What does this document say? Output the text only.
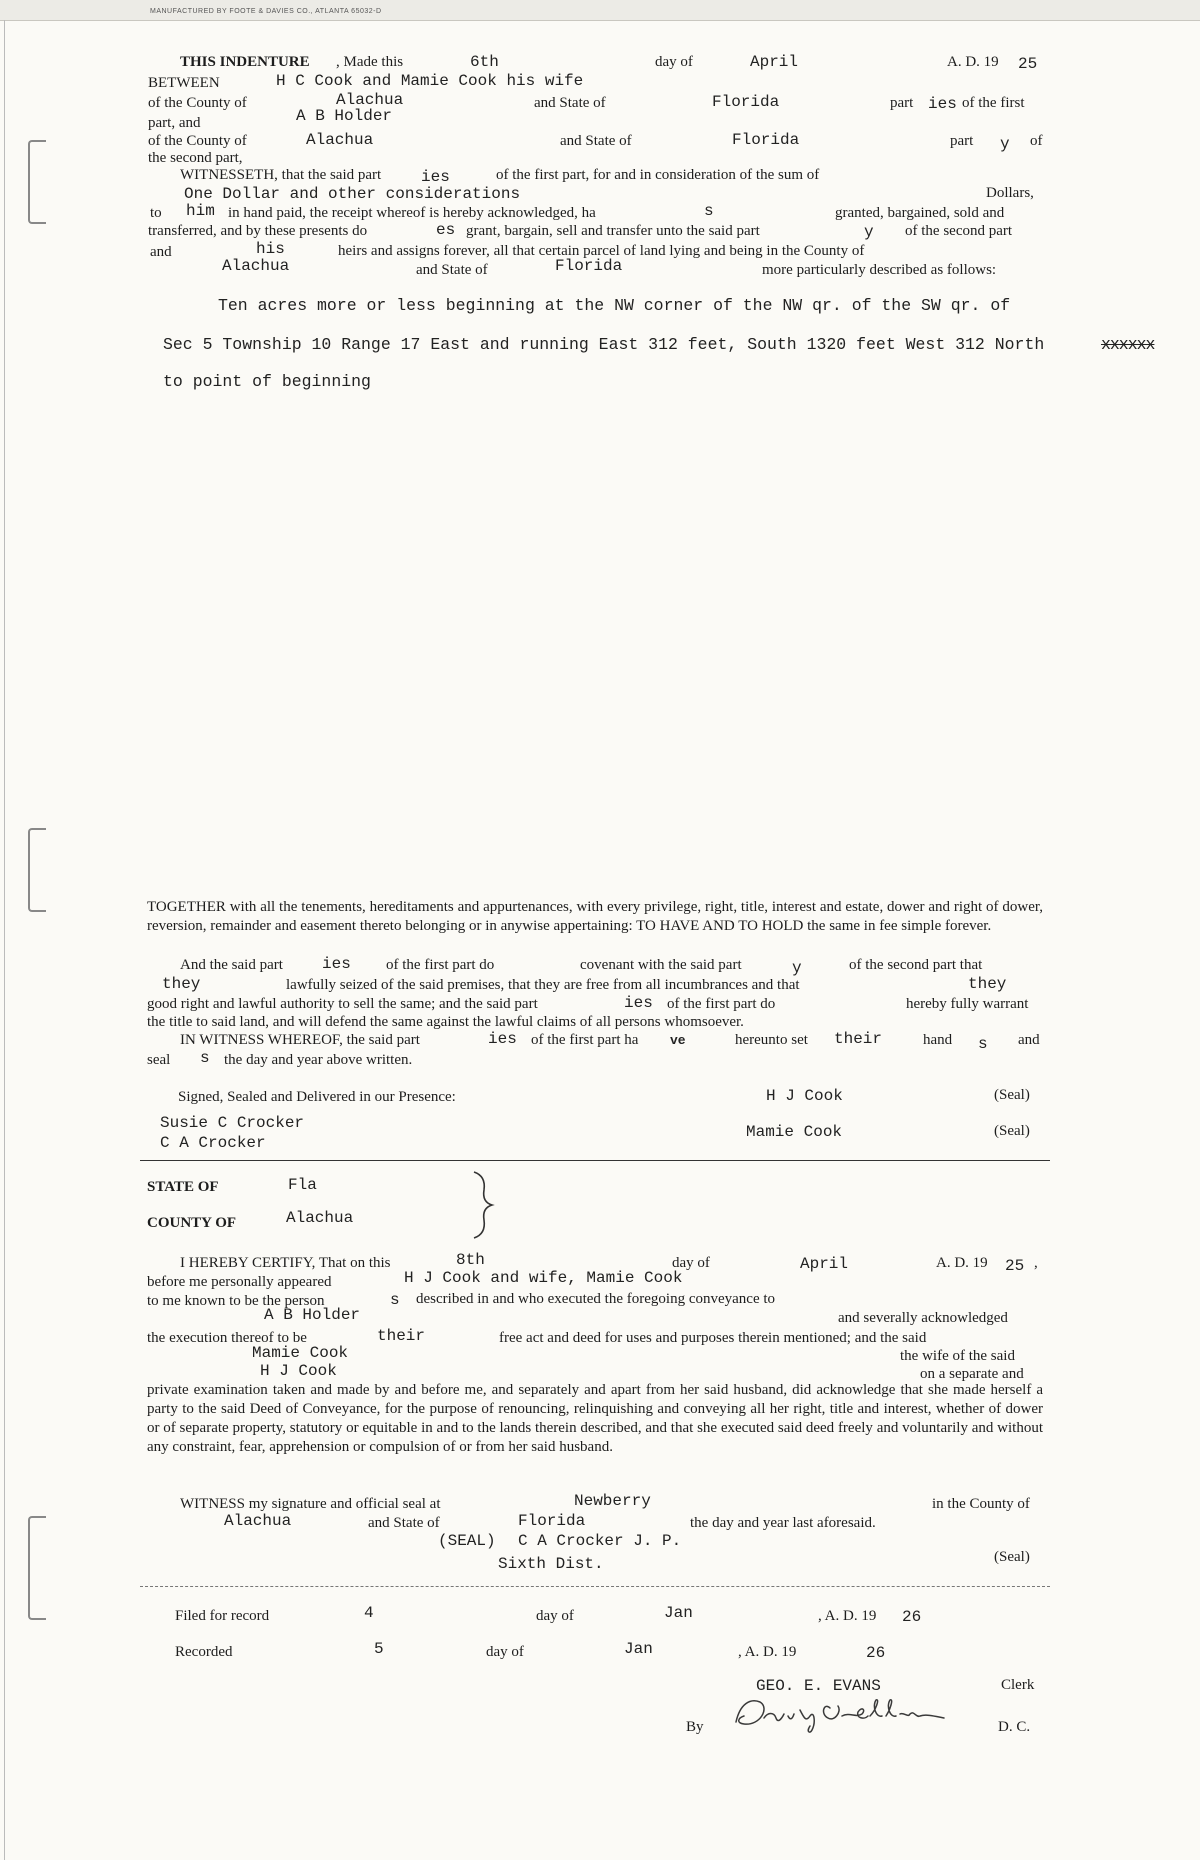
MANUFACTURED BY FOOTE & DAVIES CO., ATLANTA 65032-D
THIS INDENTURE , Made this	6th	day of	April	A. D. 19 25
BETWEEN	H C Cook and Mamie Cook his wife
of the County of	Alachua	and State of	Florida	part ies of the first
part, and	A B Holder
of the County of	Alachua	and State of	Florida	part y of
the second part,
WITNESSETH, that the said part ies	of the first part, for and in consideration of the sum of
One Dollar and other considerations	Dollars,
to him in hand paid, the receipt whereof is hereby acknowledged, ha	s	granted, bargained, sold and
transferred, and by these presents do	es grant, bargain, sell and transfer unto the said part	y of the second part
and	his	heirs and assigns forever, all that certain parcel of land lying and being in the County of
Alachua	and State of	Florida	more particularly described as follows:
Ten acres more or less beginning at the NW corner of the NW qr. of the SW qr. of
Sec 5 Township 10 Range 17 East and running East 312 feet, South 1320 feet West 312 North	xxxxxx
to point of beginning
TOGETHER with all the tenements, hereditaments and appurtenances, with every privilege, right, title, interest and estate, dower and right of dower, reversion, remainder and easement thereto belonging or in anywise appertaining: TO HAVE AND TO HOLD the same in fee simple forever.
And the said part ies of the first part do	covenant with the said part	y	of the second part that
they	lawfully seized of the said premises, that they are free from all incumbrances and that	they
good right and lawful authority to sell the same; and the said part	ies of the first part do	hereby fully warrant
the title to said land, and will defend the same against the lawful claims of all persons whomsoever.
IN WITNESS WHEREOF, the said part	ies of the first part ha ve	hereunto set their	hand s and
seal s the day and year above written.
Signed, Sealed and Delivered in our Presence:	H J Cook	(Seal)
Susie C Crocker	Mamie Cook	(Seal)
C A Crocker
STATE OF	Fla
COUNTY OF	Alachua
I HEREBY CERTIFY, That on this	8th	day of	April	A. D. 19 25 ,
before me personally appeared	H J Cook and wife, Mamie Cook
to me known to be the person	s described in and who executed the foregoing conveyance to
A B Holder	and severally acknowledged
the execution thereof to be	their	free act and deed for uses and purposes therein mentioned; and the said
Mamie Cook	the wife of the said
H J Cook	on a separate and
private examination taken and made by and before me, and separately and apart from her said husband, did acknowledge that she made herself a party to the said Deed of Conveyance, for the purpose of renouncing, relinquishing and conveying all her right, title and interest, whether of dower or of separate property, statutory or equitable in and to the lands therein described, and that she executed said deed freely and voluntarily and without any constraint, fear, apprehension or compulsion of or from her said husband.
WITNESS my signature and official seal at	Newberry	in the County of
Alachua	and State of	Florida	the day and year last aforesaid.
(SEAL) C A Crocker J. P.
Sixth Dist.	(Seal)
Filed for record	4	day of	Jan	, A. D. 19 26
Recorded	5	day of	Jan	, A. D. 19	26
GEO. E. EVANS	Clerk
By	D. C.
